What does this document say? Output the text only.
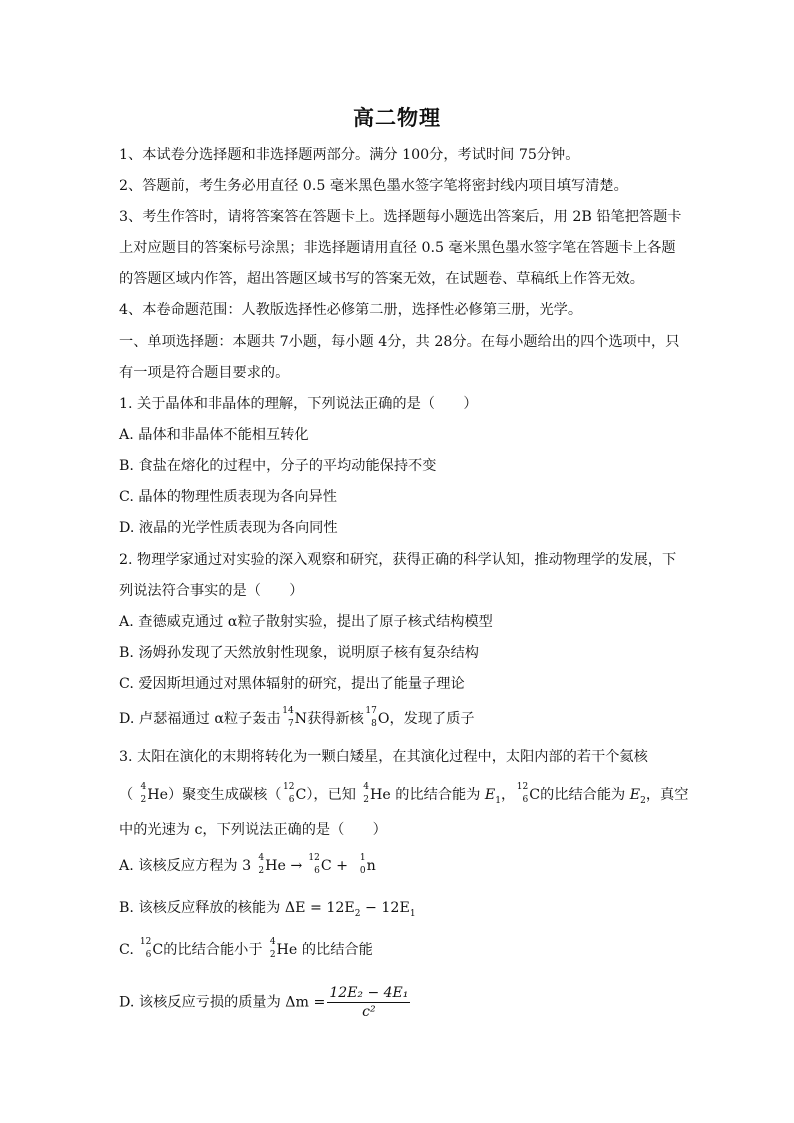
高二物理
1、本试卷分选择题和非选择题两部分。满分 100分，考试时间 75分钟。
2、答题前，考生务必用直径 0.5 毫米黑色墨水签字笔将密封线内项目填写清楚。
3、考生作答时，请将答案答在答题卡上。选择题每小题选出答案后，用 2B 铅笔把答题卡
上对应题目的答案标号涂黑；非选择题请用直径 0.5 毫米黑色墨水签字笔在答题卡上各题
的答题区域内作答，超出答题区域书写的答案无效，在试题卷、草稿纸上作答无效。
4、本卷命题范围：人教版选择性必修第二册，选择性必修第三册，光学。
一、单项选择题：本题共 7小题，每小题 4分，共 28分。在每小题给出的四个选项中，只
有一项是符合题目要求的。
1. 关于晶体和非晶体的理解，下列说法正确的是（　　）
A. 晶体和非晶体不能相互转化
B. 食盐在熔化的过程中，分子的平均动能保持不变
C. 晶体的物理性质表现为各向异性
D. 液晶的光学性质表现为各向同性
2. 物理学家通过对实验的深入观察和研究，获得正确的科学认知，推动物理学的发展，下
列说法符合事实的是（　　）
A. 查德威克通过 α粒子散射实验，提出了原子核式结构模型
B. 汤姆孙发现了天然放射性现象，说明原子核有复杂结构
C. 爱因斯坦通过对黑体辐射的研究，提出了能量子理论
D. 卢瑟福通过 α粒子轰击 14
7 N获得新核 17
8 O，发现了质子
3. 太阳在演化的末期将转化为一颗白矮星，在其演化过程中，太阳内部的若干个氦核
（ 4
2 He）聚变生成碳核（ 12
6 C），已知 4
2 He 的比结合能为 $E_1$， 12
6 C的比结合能为 $E_2$，真空
中的光速为 c，下列说法正确的是（　　）
A. 该核反应方程为 3 4
2 He → 12
6 C + 1
0 n
B. 该核反应释放的核能为 $\Delta E = 12E_2 - 12E_1$
C. 12
6 C的比结合能小于 4
2 He 的比结合能
D. 该核反应亏损的质量为 $\Delta m = \frac{\text{12E₂ − 4E₁}}{\text{c²}}$
